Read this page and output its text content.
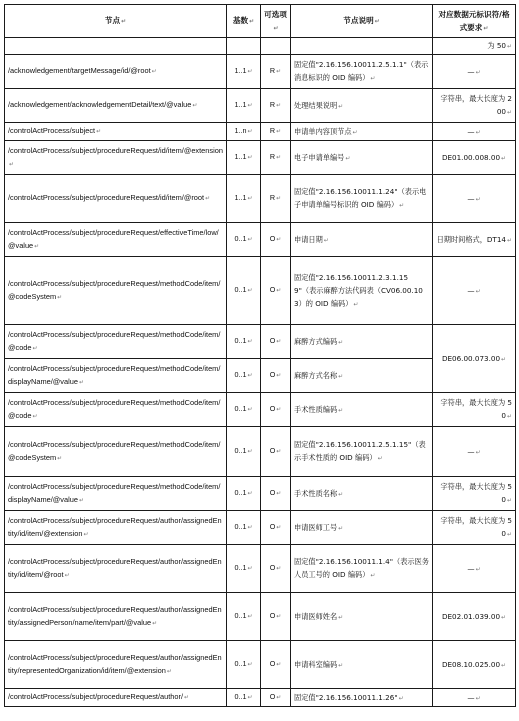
节点↵	基数↵	可选项↵	节点说明↵	对应数据元标识符/格式要求↵
				为 50↵
/acknowledgement/targetMessage/id/@root↵	1..1↵	R↵	固定值"2.16.156.10011.2.5.1.1"（表示消息标识的 OID 编码）↵	—↵
/acknowledgement/acknowledgementDetail/text/@value↵	1..1↵	R↵	处理结果说明↵	字符串，最大长度为 200↵
/controlActProcess/subject↵	1..n↵	R↵	申请单内容顶节点↵	—↵
/controlActProcess/subject/procedureRequest/id/item/@extension↵	1..1↵	R↵	电子申请单编号↵	DE01.00.008.00↵
/controlActProcess/subject/procedureRequest/id/item/@root↵	1..1↵	R↵	固定值"2.16.156.10011.1.24"（表示电子申请单编号标识的 OID 编码）↵	—↵
/controlActProcess/subject/procedureRequest/effectiveTime/low/@value↵	0..1↵	O↵	申请日期↵	日期时间格式，DT14↵
/controlActProcess/subject/procedureRequest/methodCode/item/@codeSystem↵	0..1↵	O↵	固定值"2.16.156.10011.2.3.1.159"（表示麻醉方法代码表（CV06.00.103）的 OID 编码）↵	—↵
/controlActProcess/subject/procedureRequest/methodCode/item/@code↵	0..1↵	O↵	麻醉方式编码↵	DE06.00.073.00↵
/controlActProcess/subject/procedureRequest/methodCode/item/displayName/@value↵	0..1↵	O↵	麻醉方式名称↵	
/controlActProcess/subject/procedureRequest/methodCode/item/@code↵	0..1↵	O↵	手术性质编码↵	字符串，最大长度为 50↵
/controlActProcess/subject/procedureRequest/methodCode/item/@codeSystem↵	0..1↵	O↵	固定值"2.16.156.10011.2.5.1.15"（表示手术性质的 OID 编码）↵	—↵
/controlActProcess/subject/procedureRequest/methodCode/item/displayName/@value↵	0..1↵	O↵	手术性质名称↵	字符串，最大长度为 50↵
/controlActProcess/subject/procedureRequest/author/assignedEntity/id/item/@extension↵	0..1↵	O↵	申请医师工号↵	字符串，最大长度为 50↵
/controlActProcess/subject/procedureRequest/author/assignedEntity/id/item/@root↵	0..1↵	O↵	固定值"2.16.156.10011.1.4"（表示医务人员工号的 OID 编码）↵	—↵
/controlActProcess/subject/procedureRequest/author/assignedEntity/assignedPerson/name/item/part/@value↵	0..1↵	O↵	申请医师姓名↵	DE02.01.039.00↵
/controlActProcess/subject/procedureRequest/author/assignedEntity/representedOrganization/id/item/@extension↵	0..1↵	O↵	申请科室编码↵	DE08.10.025.00↵
/controlActProcess/subject/procedureRequest/author/↵	0..1↵	O↵	固定值"2.16.156.10011.1.26"↵	—↵
